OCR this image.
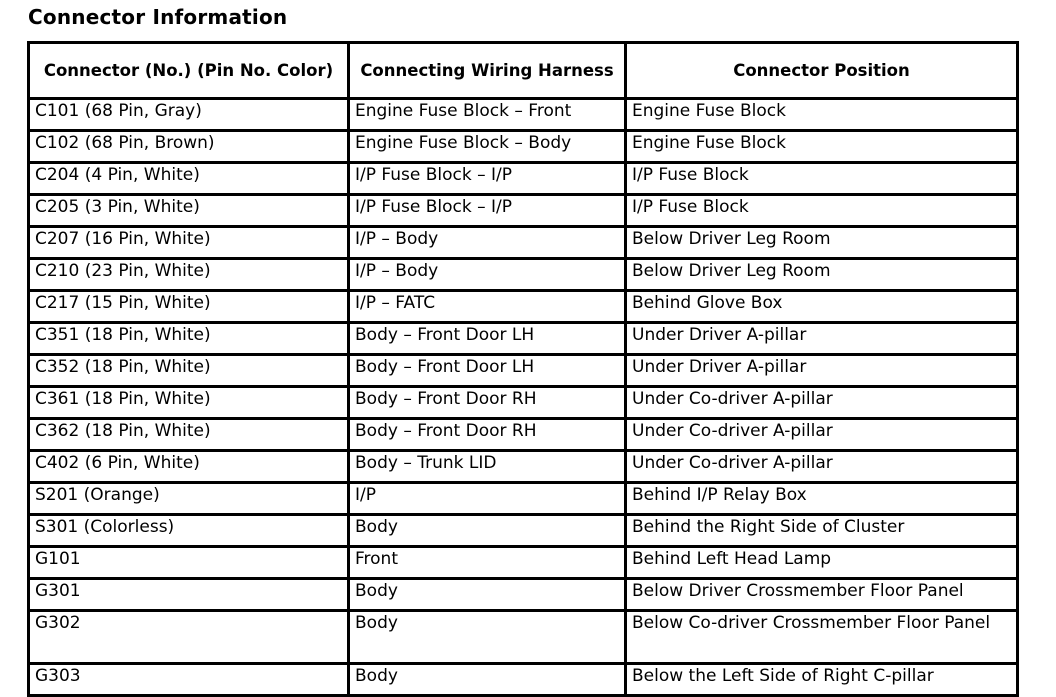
Connector Information
Connector (No.) (Pin No. Color)	Connecting Wiring Harness	Connector Position
C101 (68 Pin, Gray)	Engine Fuse Block – Front	Engine Fuse Block
C102 (68 Pin, Brown)	Engine Fuse Block – Body	Engine Fuse Block
C204 (4 Pin, White)	I/P Fuse Block – I/P	I/P Fuse Block
C205 (3 Pin, White)	I/P Fuse Block – I/P	I/P Fuse Block
C207 (16 Pin, White)	I/P – Body	Below Driver Leg Room
C210 (23 Pin, White)	I/P – Body	Below Driver Leg Room
C217 (15 Pin, White)	I/P – FATC	Behind Glove Box
C351 (18 Pin, White)	Body – Front Door LH	Under Driver A-pillar
C352 (18 Pin, White)	Body – Front Door LH	Under Driver A-pillar
C361 (18 Pin, White)	Body – Front Door RH	Under Co-driver A-pillar
C362 (18 Pin, White)	Body – Front Door RH	Under Co-driver A-pillar
C402 (6 Pin, White)	Body – Trunk LID	Under Co-driver A-pillar
S201 (Orange)	I/P	Behind I/P Relay Box
S301 (Colorless)	Body	Behind the Right Side of Cluster
G101	Front	Behind Left Head Lamp
G301	Body	Below Driver Crossmember Floor Panel
G302	Body	Below Co-driver Crossmember Floor Panel
G303	Body	Below the Left Side of Right C-pillar
